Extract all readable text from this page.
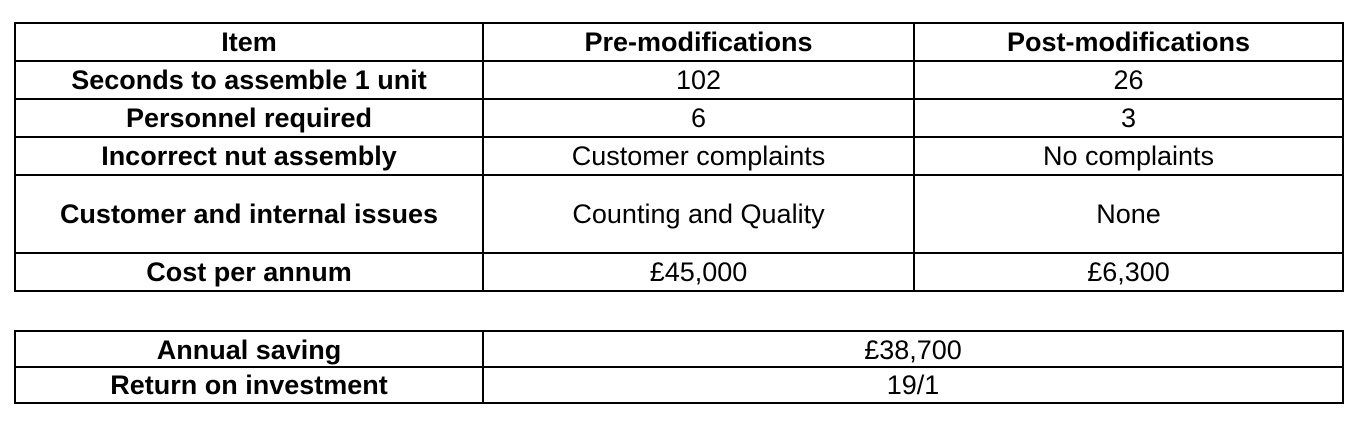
Item	Pre-modifications	Post-modifications
Seconds to assemble 1 unit	102	26
Personnel required	6	3
Incorrect nut assembly	Customer complaints	No complaints
Customer and internal issues	Counting and Quality	None
Cost per annum	£45,000	£6,300
Annual saving	£38,700
Return on investment	19/1
